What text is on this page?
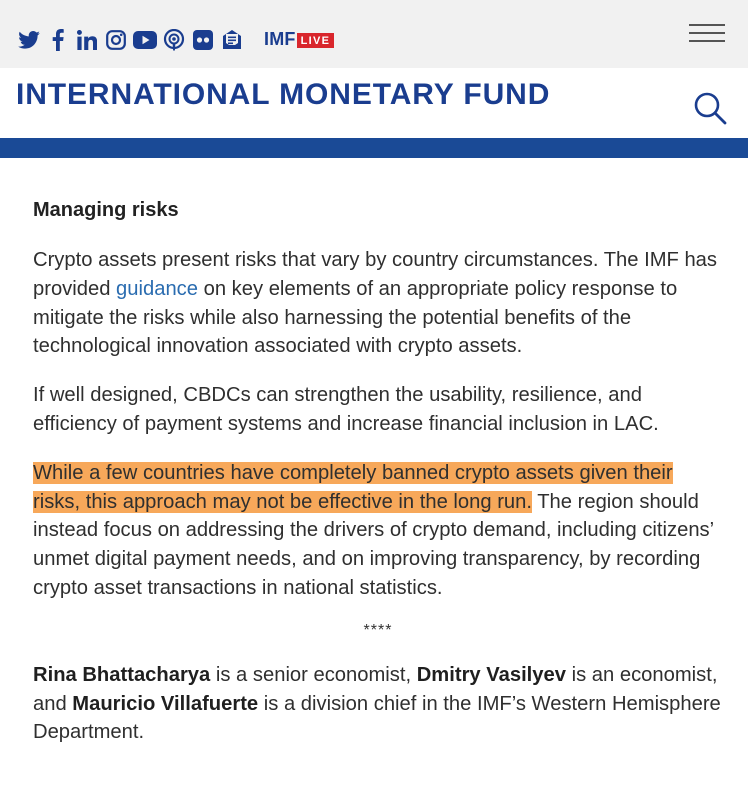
IMF LIVE
INTERNATIONAL MONETARY FUND
Managing risks

Crypto assets present risks that vary by country circumstances. The IMF has provided guidance on key elements of an appropriate policy response to mitigate the risks while also harnessing the potential benefits of the technological innovation associated with crypto assets.

If well designed, CBDCs can strengthen the usability, resilience, and efficiency of payment systems and increase financial inclusion in LAC.

While a few countries have completely banned crypto assets given their risks, this approach may not be effective in the long run. The region should instead focus on addressing the drivers of crypto demand, including citizens’ unmet digital payment needs, and on improving transparency, by recording crypto asset transactions in national statistics.

****

Rina Bhattacharya is a senior economist, Dmitry Vasilyev is an economist, and Mauricio Villafuerte is a division chief in the IMF’s Western Hemisphere Department.
